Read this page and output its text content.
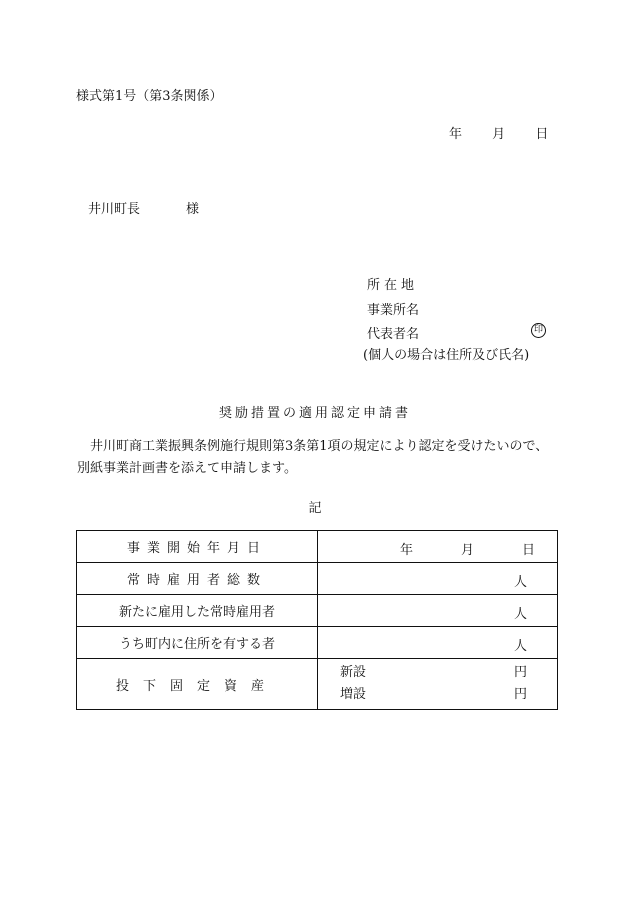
様式第1号（第3条関係）
年 月 日
井川町長	様
所在地
事業所名
代表者名	印
(個人の場合は住所及び氏名)
奨励措置の適用認定申請書
井川町商工業振興条例施行規則第3条第1項の規定により認定を受けたいので、別紙事業計画書を添えて申請します。
記
事業開始年月日	年 月 日

常時雇用者総数	人

新たに雇用した常時雇用者	人

うち町内に住所を有する者	人

投下固定資産	新設 円
増設 円
